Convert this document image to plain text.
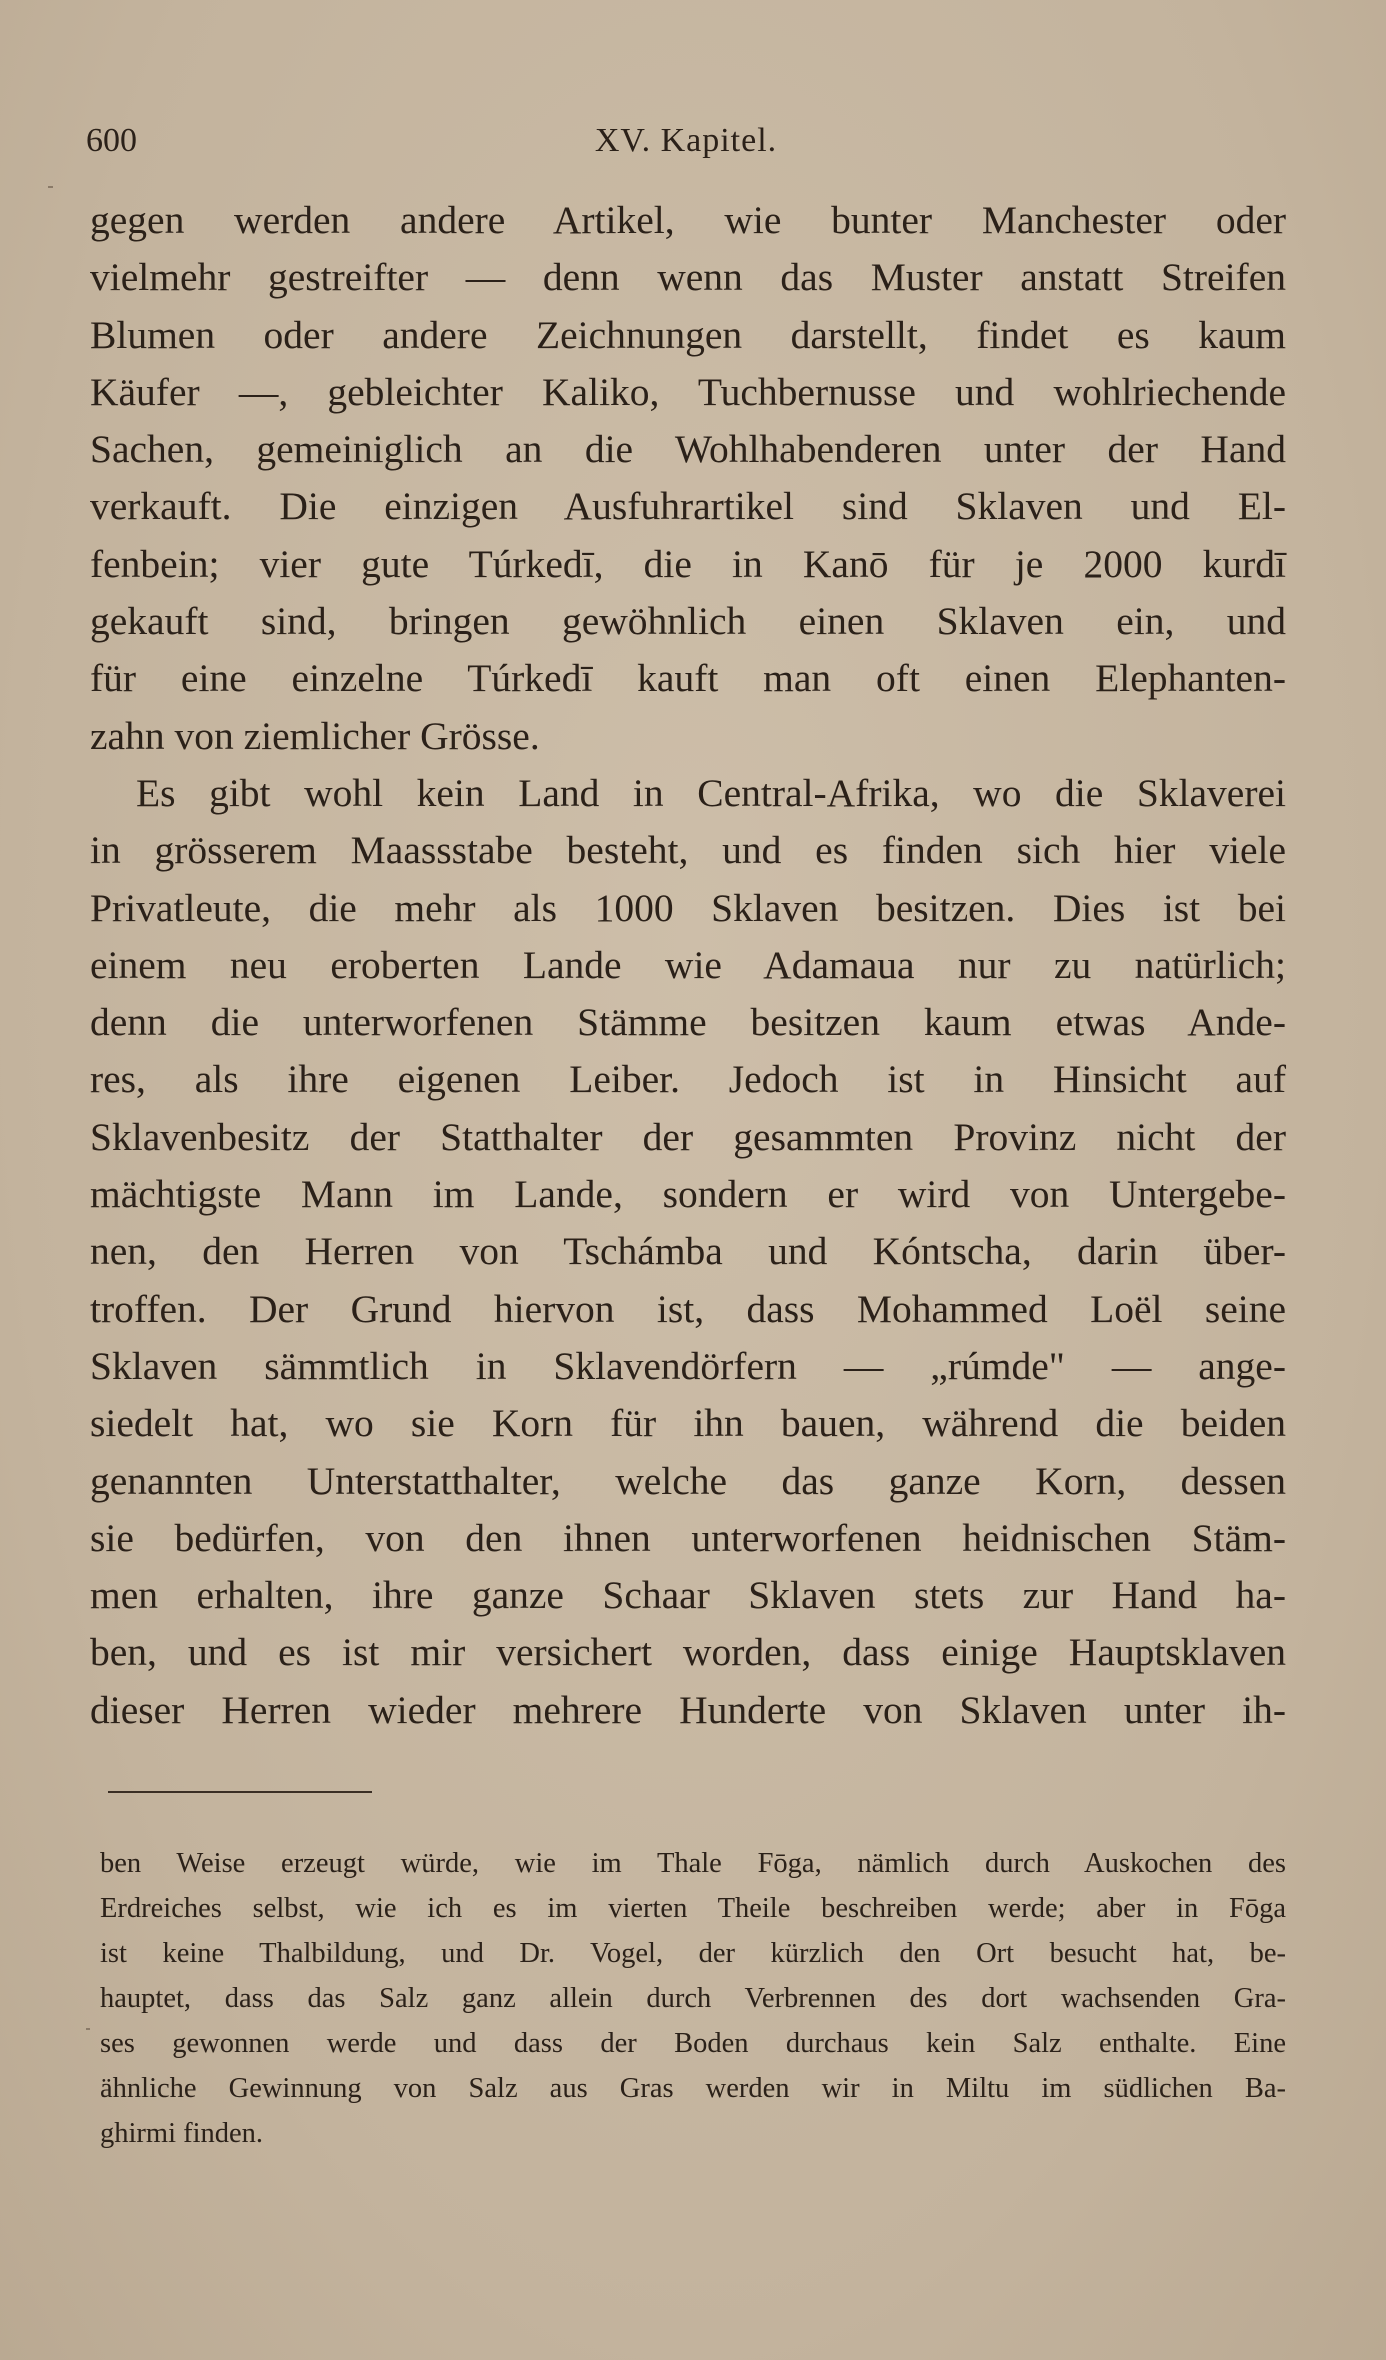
600	XV. Kapitel.
gegen werden andere Artikel, wie bunter Manchester oder
vielmehr gestreifter — denn wenn das Muster anstatt Streifen
Blumen oder andere Zeichnungen darstellt, findet es kaum
Käufer —, gebleichter Kaliko, Tuchbernusse und wohlriechende
Sachen, gemeiniglich an die Wohlhabenderen unter der Hand
verkauft. Die einzigen Ausfuhrartikel sind Sklaven und El-
fenbein; vier gute Túrkedī, die in Kanō für je 2000 kurdī
gekauft sind, bringen gewöhnlich einen Sklaven ein, und
für eine einzelne Túrkedī kauft man oft einen Elephanten-
zahn von ziemlicher Grösse.
Es gibt wohl kein Land in Central-Afrika, wo die Sklaverei
in grösserem Maassstabe besteht, und es finden sich hier viele
Privatleute, die mehr als 1000 Sklaven besitzen. Dies ist bei
einem neu eroberten Lande wie Adamaua nur zu natürlich;
denn die unterworfenen Stämme besitzen kaum etwas Ande-
res, als ihre eigenen Leiber. Jedoch ist in Hinsicht auf
Sklavenbesitz der Statthalter der gesammten Provinz nicht der
mächtigste Mann im Lande, sondern er wird von Untergebe-
nen, den Herren von Tschámba und Kóntscha, darin über-
troffen. Der Grund hiervon ist, dass Mohammed Loël seine
Sklaven sämmtlich in Sklavendörfern — „rúmde" — ange-
siedelt hat, wo sie Korn für ihn bauen, während die beiden
genannten Unterstatthalter, welche das ganze Korn, dessen
sie bedürfen, von den ihnen unterworfenen heidnischen Stäm-
men erhalten, ihre ganze Schaar Sklaven stets zur Hand ha-
ben, und es ist mir versichert worden, dass einige Hauptsklaven
dieser Herren wieder mehrere Hunderte von Sklaven unter ih-
ben Weise erzeugt würde, wie im Thale Fōga, nämlich durch Auskochen des
Erdreiches selbst, wie ich es im vierten Theile beschreiben werde; aber in Fōga
ist keine Thalbildung, und Dr. Vogel, der kürzlich den Ort besucht hat, be-
hauptet, dass das Salz ganz allein durch Verbrennen des dort wachsenden Gra-
ses gewonnen werde und dass der Boden durchaus kein Salz enthalte. Eine
ähnliche Gewinnung von Salz aus Gras werden wir in Miltu im südlichen Ba-
ghirmi finden.
